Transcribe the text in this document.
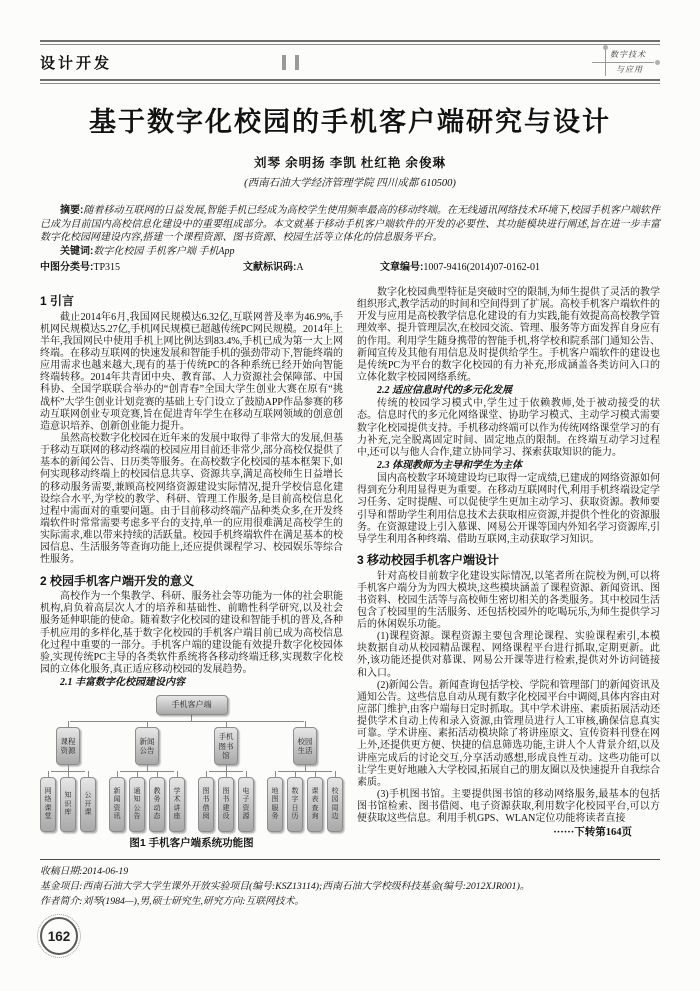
设计开发	数字技术
与应用
基于数字化校园的手机客户端研究与设计
刘琴 余明扬 李凯 杜红艳 余俊琳
(西南石油大学经济管理学院 四川成都 610500)

摘要:随着移动互联网的日益发展,智能手机已经成为高校学生使用频率最高的移动终端。在无线通讯网络技术环境下,校园手机客户端软件已成为目前国内高校信息化建设中的重要组成部分。本文就基于移动手机客户端软件的开发的必要性、其功能模块进行阐述,旨在进一步丰富数字化校园网建设内容,搭建一个课程资源、图书资源、校园生活等立体化的信息服务平台。

关键词:数字化校园 手机客户端 手机App

中图分类号:TP315	文献标识码:A	文章编号:1007-9416(2014)07-0162-01
1 引言

截止2014年6月,我国网民规模达6.32亿,互联网普及率为46.9%,手机网民规模达5.27亿,手机网民规模已超越传统PC网民规模。2014年上半年,我国网民中使用手机上网比例达到83.4%,手机已成为第一大上网终端。在移动互联网的快速发展和智能手机的强劲带动下,智能终端的应用需求也越来越大,现有的基于传统PC的各种系统已经开始向智能终端转移。2014年共青团中央、教育部、人力资源社会保障部、中国科协、全国学联联合举办的“创青春”全国大学生创业大赛在原有“挑战杯”大学生创业计划竞赛的基础上专门设立了鼓励APP作品参赛的移动互联网创业专项竞赛,旨在促进青年学生在移动互联网领域的创意创造意识培养、创新创业能力提升。

虽然高校数字化校园在近年来的发展中取得了非常大的发展,但基于移动互联网的移动终端的校园应用目前还非常少,部分高校仅提供了基本的新闻公告、日历类等服务。在高校数字化校园的基本框架下,如何实现移动终端上的校园信息共享、资源共享,满足高校师生日益增长的移动服务需要,兼顾高校网络资源建设实际情况,提升学校信息化建设综合水平,为学校的教学、科研、管理工作服务,是目前高校信息化过程中需面对的重要问题。由于目前移动终端产品种类众多,在开发终端软件时常常需要考虑多平台的支持,单一的应用很难满足高校学生的实际需求,难以带来持续的活跃量。校园手机终端软件在满足基本的校园信息、生活服务等查询功能上,还应提供课程学习、校园娱乐等综合性服务。

2 校园手机客户端开发的意义

高校作为一个集教学、科研、服务社会等功能为一体的社会职能机构,肩负着高层次人才的培养和基础性、前瞻性科学研究,以及社会服务延伸职能的使命。随着数字化校园的建设和智能手机的普及,各种手机应用的多样化,基于数字化校园的手机客户端目前已成为高校信息化过程中重要的一部分。手机客户端的建设能有效提升数字化校园体验,实现传统PC主导的各类软件系统将各移动终端迁移,实现数字化校园的立体化服务,真正适应移动校园的发展趋势。

2.1 丰富数字化校园建设内容
手机客户端
课程资源
网络课堂
知识库
公开课
新闻公告
新闻资讯
通知公告
教务动态
学术讲座
手机图书馆
图书借阅
图书建设
电子资源
校园生活
地图服务
数字日历
课表查询
校园周边
图1 手机客户端系统功能图

数字化校园典型特征是突破时空的限制,为师生提供了灵活的教学组织形式,教学活动的时间和空间得到了扩展。高校手机客户端软件的开发与应用是高校教学信息化建设的有力实践,能有效提高高校教学管理效率、提升管理层次,在校园交流、管理、服务等方面发挥自身应有的作用。利用学生随身携带的智能手机,将学校和院系部门通知公告、新闻宣传及其他有用信息及时提供给学生。手机客户端软件的建设也是传统PC为平台的数字化校园的有力补充,形成涵盖各类访问入口的立体化数字校园网络系统。

2.2 适应信息时代的多元化发展

传统的校园学习模式中,学生过于依赖教师,处于被动接受的状态。信息时代的多元化网络课堂、协助学习模式、主动学习模式需要数字化校园提供支持。手机移动终端可以作为传统网络课堂学习的有力补充,完全脱离固定时间、固定地点的限制。在终端互动学习过程中,还可以与他人合作,建立协同学习、探索获取知识的能力。

2.3 体现教师为主导和学生为主体

国内高校数字环境建设均已取得一定成绩,已建成的网络资源如何得到充分利用显得更为重要。在移动互联网时代,利用手机终端设定学习任务、定时提醒、可以促使学生更加主动学习、获取资源。教师要引导和帮助学生利用信息技术去获取相应资源,并提供个性化的资源服务。在资源建设上引入慕课、网易公开课等国内外知名学习资源库,引导学生利用各种终端、借助互联网,主动获取学习知识。

3 移动校园手机客户端设计

针对高校目前数字化建设实际情况,以笔者所在院校为例,可以将手机客户端分为为四大模块,这些模块涵盖了课程资源、新闻资讯、图书资料、校园生活等与高校师生密切相关的各类服务。其中校园生活包含了校园里的生活服务、还包括校园外的吃喝玩乐,为师生提供学习后的休闲娱乐功能。

(1)课程资源。课程资源主要包含理论课程、实验课程索引,本模块数据自动从校园精品课程、网络课程平台进行抓取,定期更新。此外,该功能还提供对慕课、网易公开课等进行检索,提供对外访问链接和入口。

(2)新闻公告。新闻查询包括学校、学院和管理部门的新闻资讯及通知公告。这些信息自动从现有数字化校园平台中调阅,具体内容由对应部门维护,由客户端每日定时抓取。其中学术讲座、素质拓展活动还提供学术自动上传和录入资源,由管理员进行人工审核,确保信息真实可靠。学术讲座、素拓活动模块除了将讲座原文、宣传资料刊登在网上外,还提供更方便、快捷的信息筛选功能,主讲人个人背景介绍,以及讲座完成后的讨论交互,分享活动感想,形成良性互动。这些功能可以让学生更好地融入大学校园,拓展自己的朋友圈以及快速提升自我综合素质。

(3)手机图书馆。主要提供图书馆的移动网络服务,最基本的包括图书馆检索、图书借阅、电子资源获取,利用数字化校园平台,可以方便获取这些信息。利用手机GPS、WLAN定位功能将读者直接

······下转第164页
收稿日期:2014-06-19
基金项目:西南石油大学大学生课外开放实验项目(编号:KSZ13114);西南石油大学校级科技基金(编号:2012XJR001)。
作者简介:刘琴(1984—),男,硕士研究生,研究方向:互联网技术。
162
